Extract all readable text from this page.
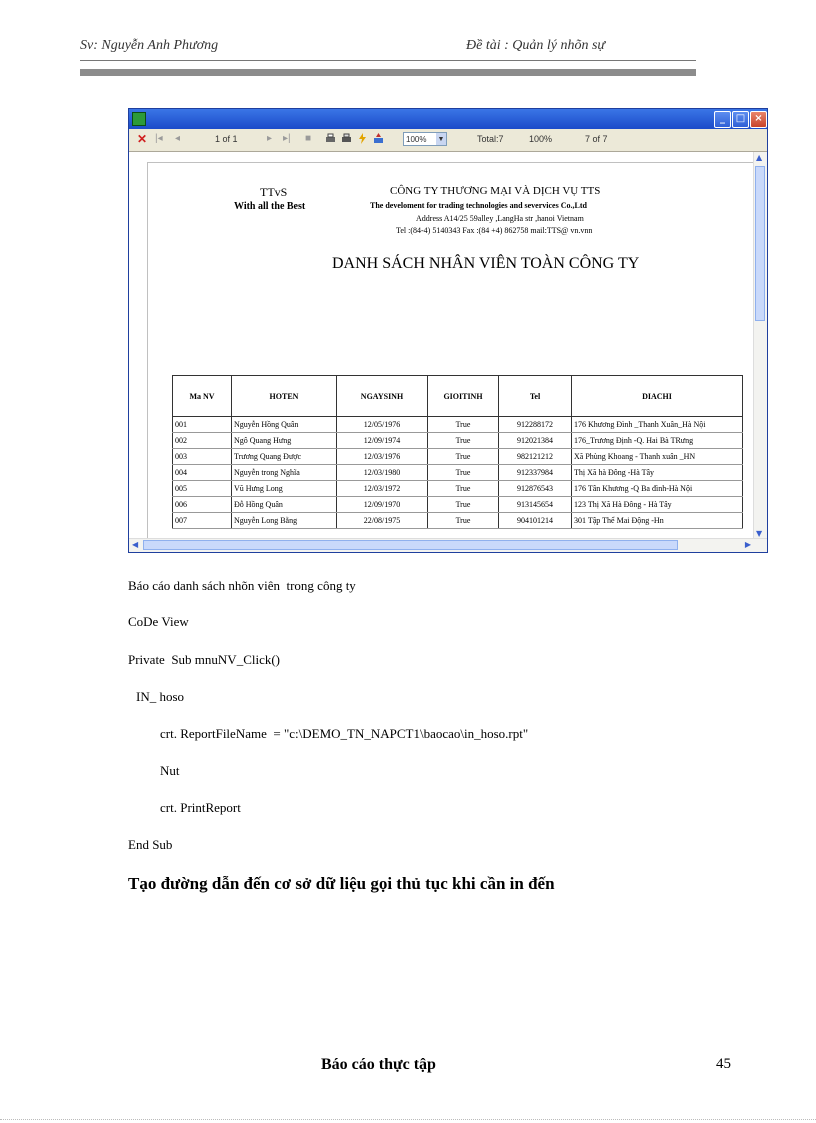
Sv: Nguyễn Anh Phương	Đề tài : Quản lý nhõn sự
_	□ ×
✕ |◂ ◂	1 of 1	▸ ▸| ■	100% ▼	Total:7	100%	7 of 7
TTvS
With all the Best
CÔNG TY THƯƠNG MẠI VÀ DỊCH VỤ TTS
The develoment for trading technologies and severvices Co.,Ltd
Address A14/25 59alley ,LangHa str ,hanoi Vietnam
Tel :(84-4) 5140343 Fax :(84 +4) 862758 mail:TTS@ vn.vnn
DANH SÁCH NHÂN VIÊN TOÀN CÔNG TY
Ma NV	HOTEN	NGAYSINH	GIOITINH	Tel	DIACHI
001	Nguyễn Hồng Quân	12/05/1976	True	912288172	176 Khương Đình _Thanh Xuân_Hà Nội
002	Ngô Quang Hưng	12/09/1974	True	912021384	176_Trương Định -Q. Hai Bà TRưng
003	Trương Quang Được	12/03/1976	True	982121212	Xã Phùng Khoang - Thanh xuân _HN
004	Nguyễn trong Nghĩa	12/03/1980	True	912337984	Thị Xã hà Đông -Hà Tây
005	Vũ Hưng Long	12/03/1972	True	912876543	176 Tân Khương -Q Ba đình-Hà Nội
006	Đỗ Hồng Quân	12/09/1970	True	913145654	123 Thị Xã Hà Đông - Hà Tây
007	Nguyễn Long Bằng	22/08/1975	True	904101214	301 Tập Thể Mai Động -Hn
▲
▼
◀	▶
Báo cáo danh sách nhõn viên  trong công ty
CoDe View
Private  Sub mnuNV_Click()
IN_ hoso
crt. ReportFileName  = "c:\DEMO_TN_NAPCT1\baocao\in_hoso.rpt"
Nut
crt. PrintReport
End Sub
Tạo đường dẫn đến cơ sở dữ liệu gọi thủ tục khi cần in đến
Báo cáo thực tập	45
